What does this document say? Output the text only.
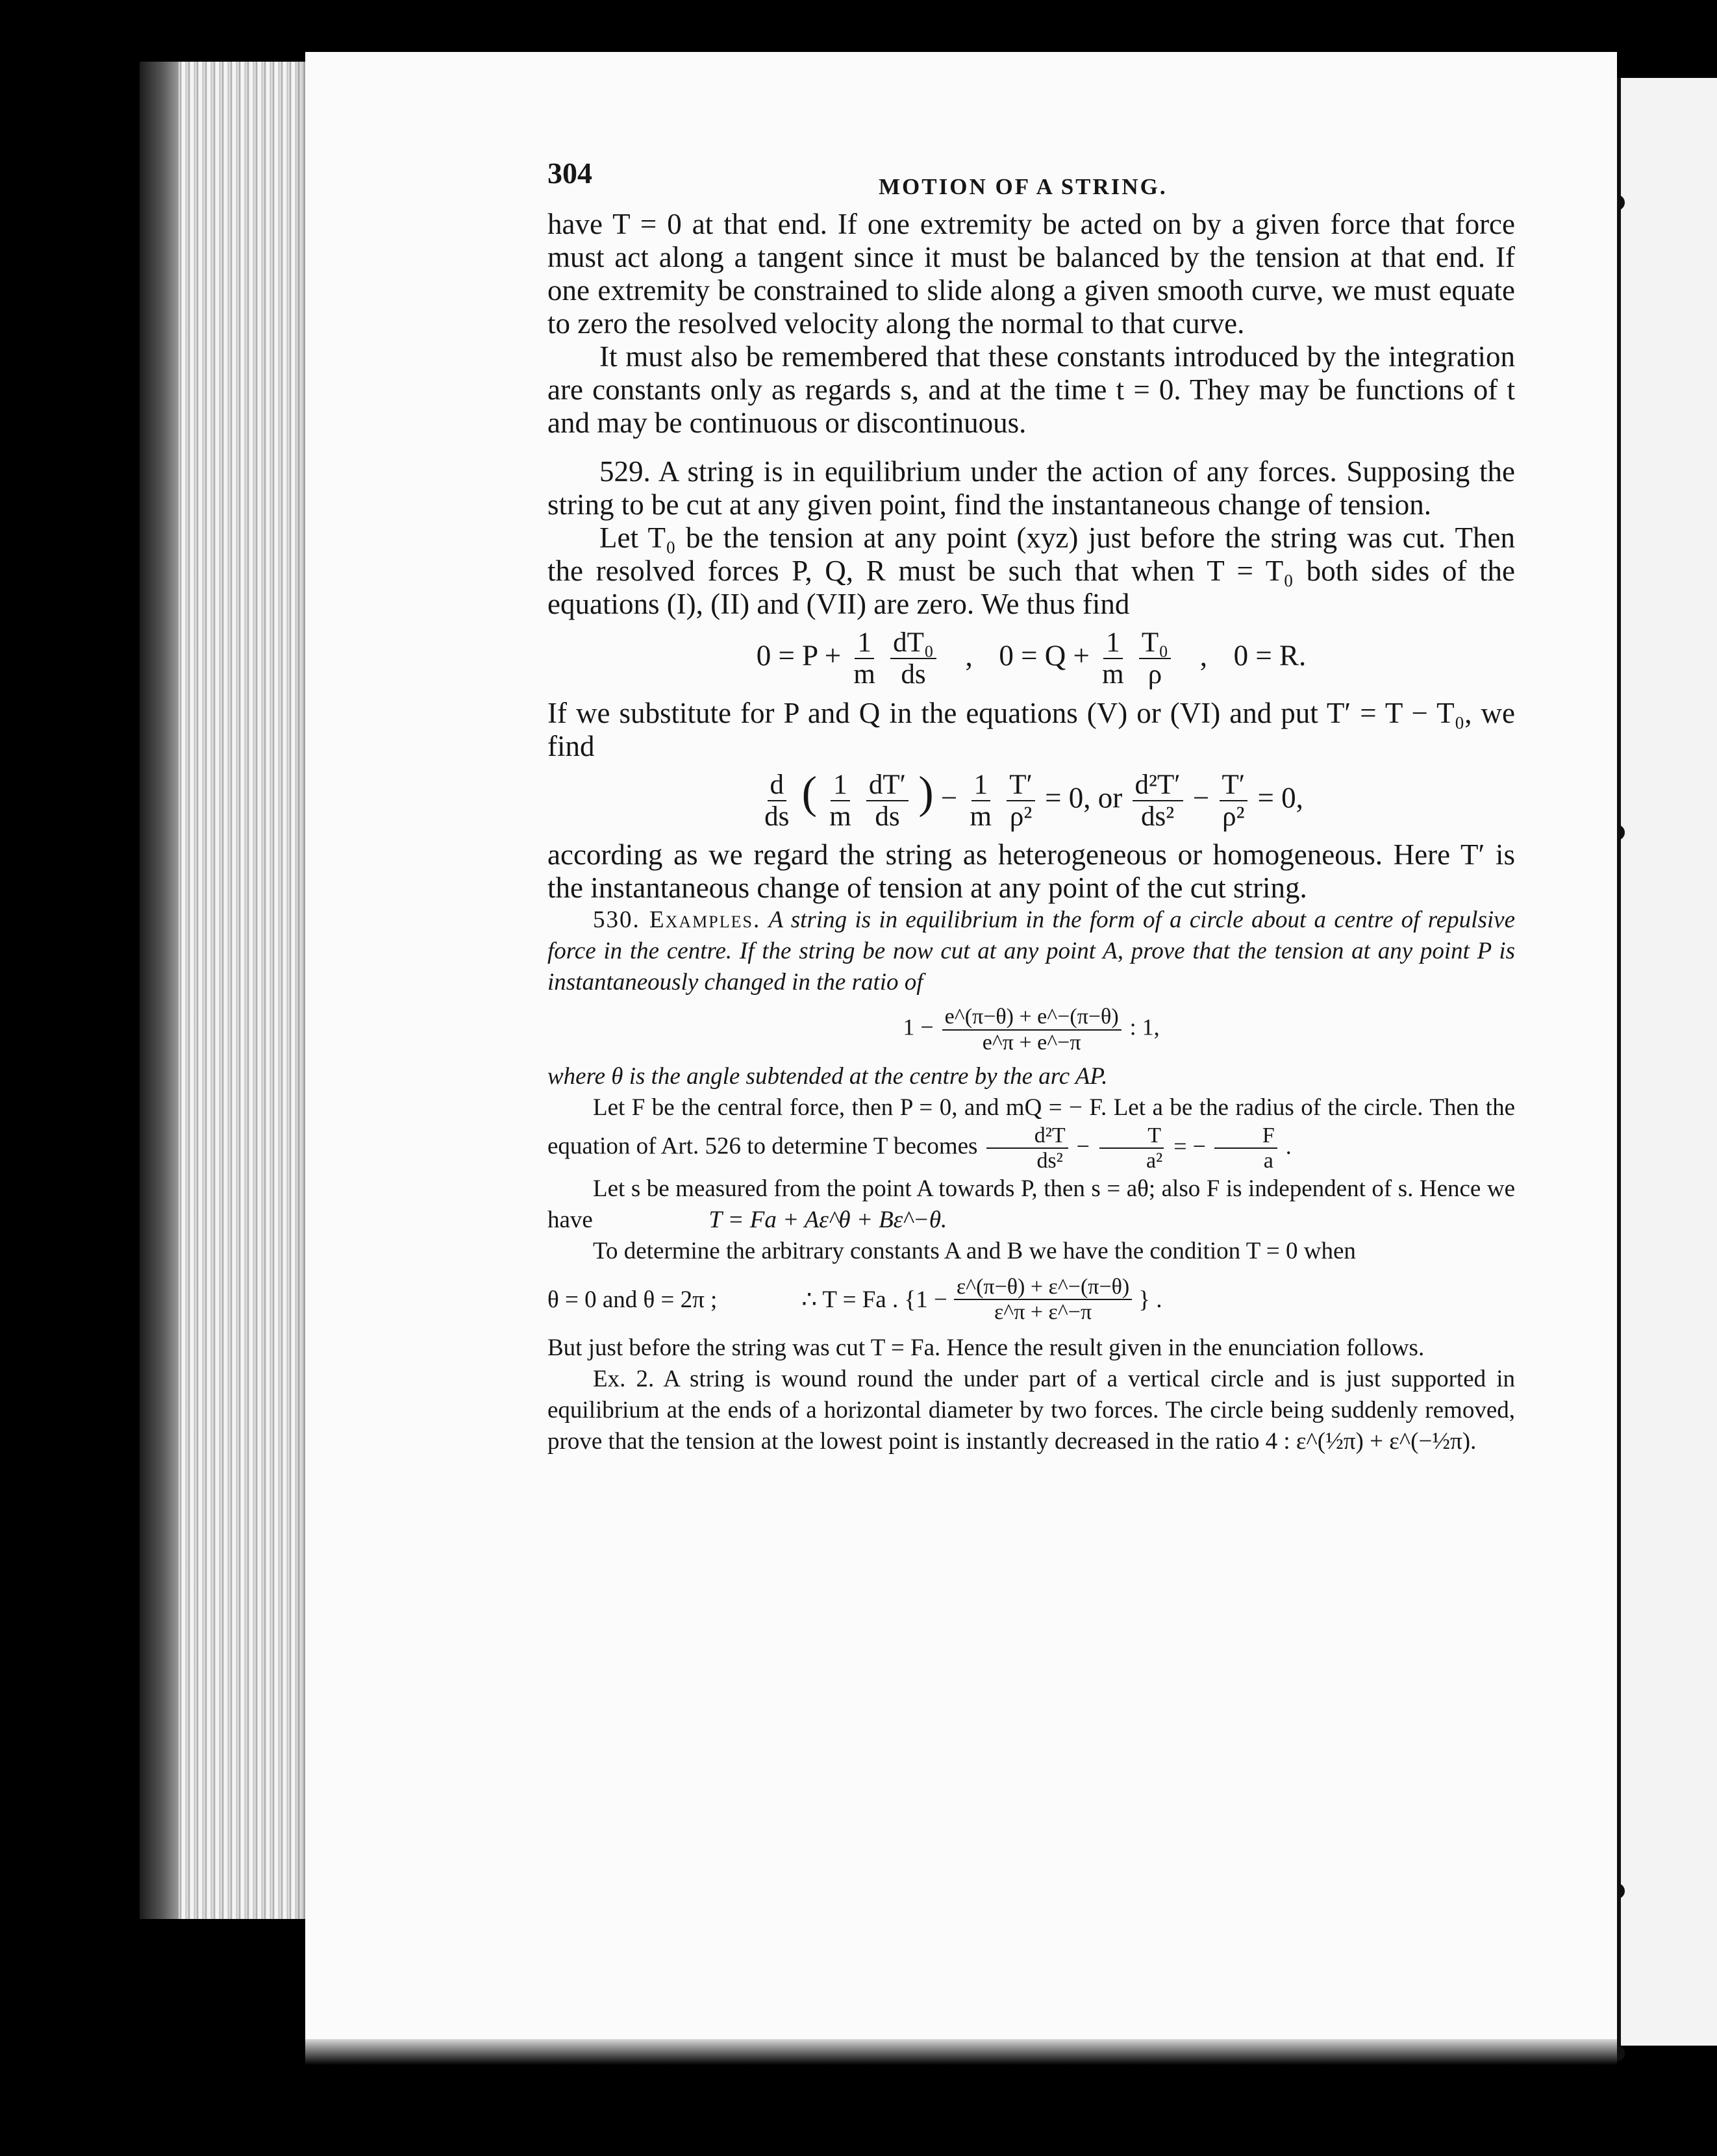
304	MOTION OF A STRING.

have T = 0 at that end. If one extremity be acted on by a given force that force must act along a tangent since it must be balanced by the tension at that end. If one extremity be constrained to slide along a given smooth curve, we must equate to zero the resolved velocity along the normal to that curve.

It must also be remembered that these constants introduced by the integration are constants only as regards s, and at the time t = 0. They may be functions of t and may be continuous or discontinuous.

529. A string is in equilibrium under the action of any forces. Supposing the string to be cut at any given point, find the instantaneous change of tension.

Let T₀ be the tension at any point (xyz) just before the string was cut. Then the resolved forces P, Q, R must be such that when T = T₀ both sides of the equations (I), (II) and (VII) are zero. We thus find

$0 = P + \frac{1}{m}$
$\frac{\text{dT₀}}{ds}$ , $0 = Q + \frac{1}{m}$
$\frac{\text{T₀}}{\rho}$ , 0 = R.

If we substitute for P and Q in the equations (V) or (VI) and put T′ = T − T₀, we find

$\frac{d}{ds}$ ( $\frac{1}{m}$
$\frac{dT'}{ds}$ ) − $\frac{1}{m}$
$\frac{T'}{\text{ρ²}} = 0$, or $\frac{\text{d²T′}}{\text{ds²}} - \frac{T'}{\text{ρ²}} = 0$,

according as we regard the string as heterogeneous or homogeneous. Here T′ is the instantaneous change of tension at any point of the cut string.

530. Examples. A string is in equilibrium in the form of a circle about a centre of repulsive force in the centre. If the string be now cut at any point A, prove that the tension at any point P is instantaneously changed in the ratio of

$1 - \frac{e\^{}(\pi-\theta) + e\^{}-(\pi-\theta)}{e\^{}\pi + e\^{}-\pi}$ : 1,

where θ is the angle subtended at the centre by the arc AP.

Let F be the central force, then P = 0, and mQ = − F. Let a be the radius of the circle. Then the equation of Art. 526 to determine T becomes $\frac{\text{d²T}}{\text{ds²}} - \frac{T}{\text{a²}}$ = − $\frac{F}{a}$ .

Let s be measured from the point A towards P, then s = aθ; also F is independent of s. Hence we have	T = Fa + Aε^θ + Bε^−θ.

To determine the arbitrary constants A and B we have the condition T = 0 when

θ = 0 and θ = 2π ;	∴ T = Fa . {$1 - \frac{\varepsilon\^{}(\pi-\theta) + \varepsilon\^{}-(\pi-\theta)}{\varepsilon\^{}\pi + \varepsilon\^{}-\pi}$ } .

But just before the string was cut T = Fa. Hence the result given in the enunciation follows.

Ex. 2. A string is wound round the under part of a vertical circle and is just supported in equilibrium at the ends of a horizontal diameter by two forces. The circle being suddenly removed, prove that the tension at the lowest point is instantly decreased in the ratio 4 : ε^(½π) + ε^(−½π).
